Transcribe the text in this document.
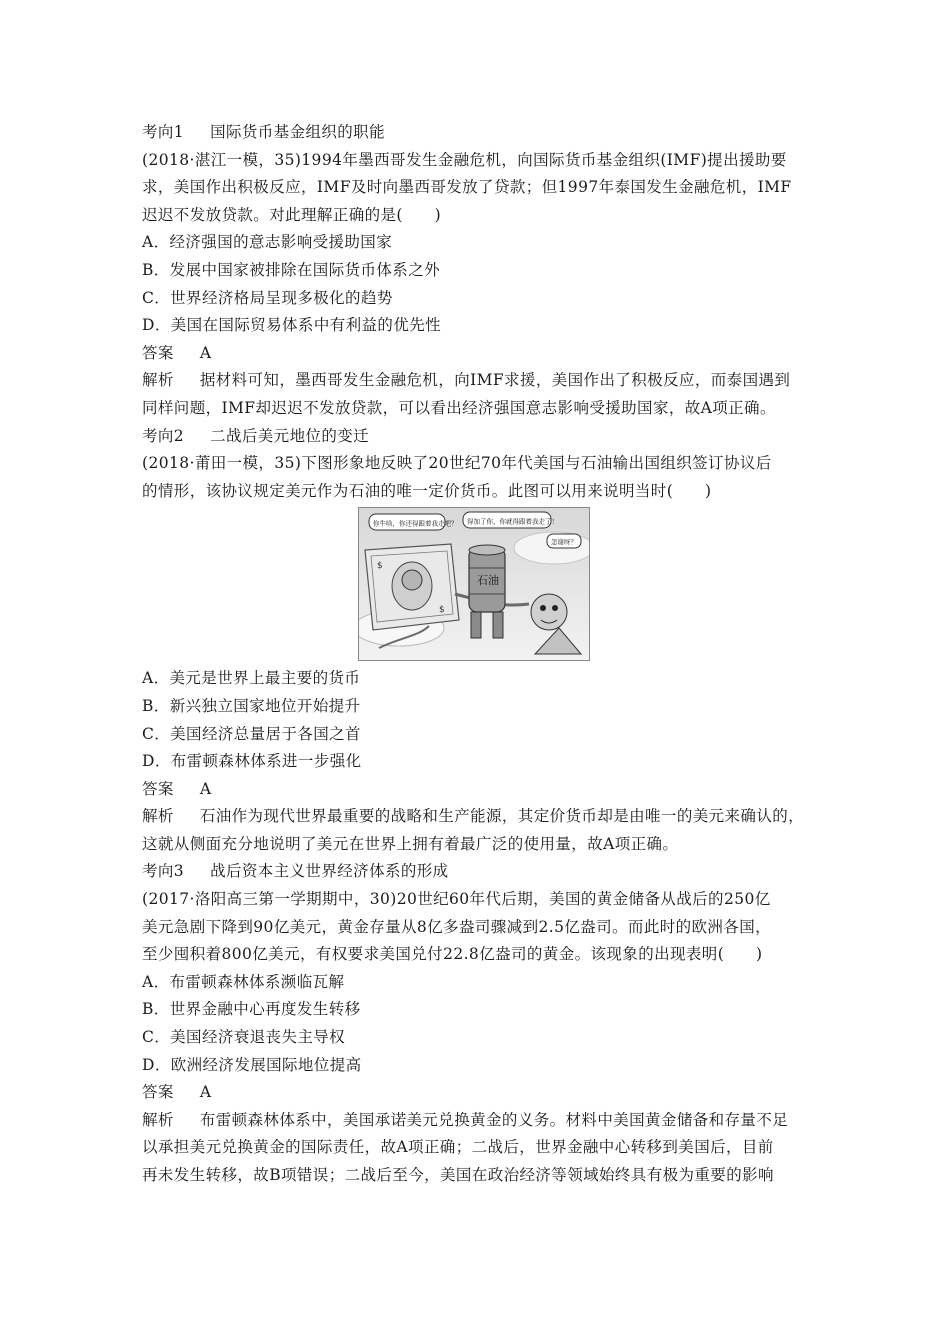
考向1 国际货币基金组织的职能
(2018·湛江一模，35)1994年墨西哥发生金融危机，向国际货币基金组织(IMF)提出援助要
求，美国作出积极反应，IMF及时向墨西哥发放了贷款；但1997年泰国发生金融危机，IMF
迟迟不发放贷款。对此理解正确的是(　　)
A．经济强国的意志影响受援助国家
B．发展中国家被排除在国际货币体系之外
C．世界经济格局呈现多极化的趋势
D．美国在国际贸易体系中有利益的优先性
答案 A
解析 据材料可知，墨西哥发生金融危机，向IMF求援，美国作出了积极反应，而泰国遇到
同样问题，IMF却迟迟不发放贷款，可以看出经济强国意志影响受援助国家，故A项正确。
考向2 二战后美元地位的变迁
(2018·莆田一模，35)下图形象地反映了20世纪70年代美国与石油输出国组织签订协议后
的情形，该协议规定美元作为石油的唯一定价货币。此图可以用来说明当时(　　)
$
$
石油
你牛啥，你还得跟着我走吧？ 得加了你，你就得跟着我走了！
怎谢呀？
A．美元是世界上最主要的货币
B．新兴独立国家地位开始提升
C．美国经济总量居于各国之首
D．布雷顿森林体系进一步强化
答案 A
解析 石油作为现代世界最重要的战略和生产能源，其定价货币却是由唯一的美元来确认的，
这就从侧面充分地说明了美元在世界上拥有着最广泛的使用量，故A项正确。
考向3 战后资本主义世界经济体系的形成
(2017·洛阳高三第一学期期中，30)20世纪60年代后期，美国的黄金储备从战后的250亿
美元急剧下降到90亿美元，黄金存量从8亿多盎司骤减到2.5亿盎司。而此时的欧洲各国，
至少囤积着800亿美元，有权要求美国兑付22.8亿盎司的黄金。该现象的出现表明(　　)
A．布雷顿森林体系濒临瓦解
B．世界金融中心再度发生转移
C．美国经济衰退丧失主导权
D．欧洲经济发展国际地位提高
答案 A
解析 布雷顿森林体系中，美国承诺美元兑换黄金的义务。材料中美国黄金储备和存量不足
以承担美元兑换黄金的国际责任，故A项正确；二战后，世界金融中心转移到美国后，目前
再未发生转移，故B项错误；二战后至今，美国在政治经济等领域始终具有极为重要的影响
